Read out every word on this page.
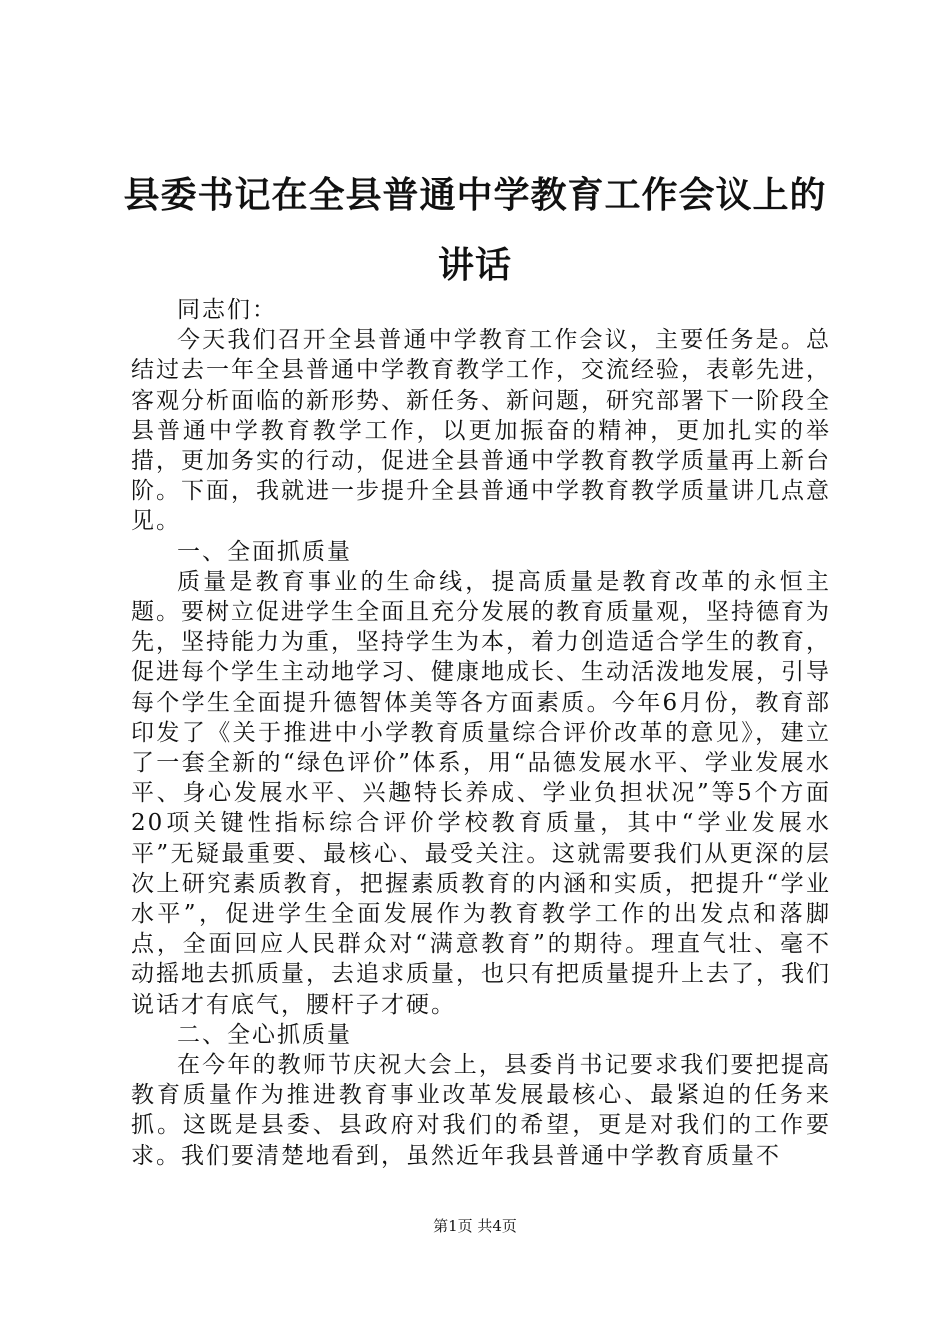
县委书记在全县普通中学教育工作会议上的讲话

同志们：

今天我们召开全县普通中学教育工作会议，主要任务是。总结过去一年全县普通中学教育教学工作，交流经验，表彰先进，客观分析面临的新形势、新任务、新问题，研究部署下一阶段全县普通中学教育教学工作，以更加振奋的精神，更加扎实的举措，更加务实的行动，促进全县普通中学教育教学质量再上新台阶。下面，我就进一步提升全县普通中学教育教学质量讲几点意见。

一、全面抓质量

质量是教育事业的生命线，提高质量是教育改革的永恒主题。要树立促进学生全面且充分发展的教育质量观，坚持德育为先，坚持能力为重，坚持学生为本，着力创造适合学生的教育，促进每个学生主动地学习、健康地成长、生动活泼地发展，引导每个学生全面提升德智体美等各方面素质。今年6月份，教育部印发了《关于推进中小学教育质量综合评价改革的意见》，建立了一套全新的“绿色评价”体系，用“品德发展水平、学业发展水平、身心发展水平、兴趣特长养成、学业负担状况”等5个方面20项关键性指标综合评价学校教育质量，其中“学业发展水平”无疑最重要、最核心、最受关注。这就需要我们从更深的层次上研究素质教育，把握素质教育的内涵和实质，把提升“学业水平”，促进学生全面发展作为教育教学工作的出发点和落脚点，全面回应人民群众对“满意教育”的期待。理直气壮、毫不动摇地去抓质量，去追求质量，也只有把质量提升上去了，我们说话才有底气，腰杆子才硬。

二、全心抓质量

在今年的教师节庆祝大会上，县委肖书记要求我们要把提高教育质量作为推进教育事业改革发展最核心、最紧迫的任务来抓。这既是县委、县政府对我们的希望，更是对我们的工作要求。我们要清楚地看到，虽然近年我县普通中学教育质量不

第1页 共4页
